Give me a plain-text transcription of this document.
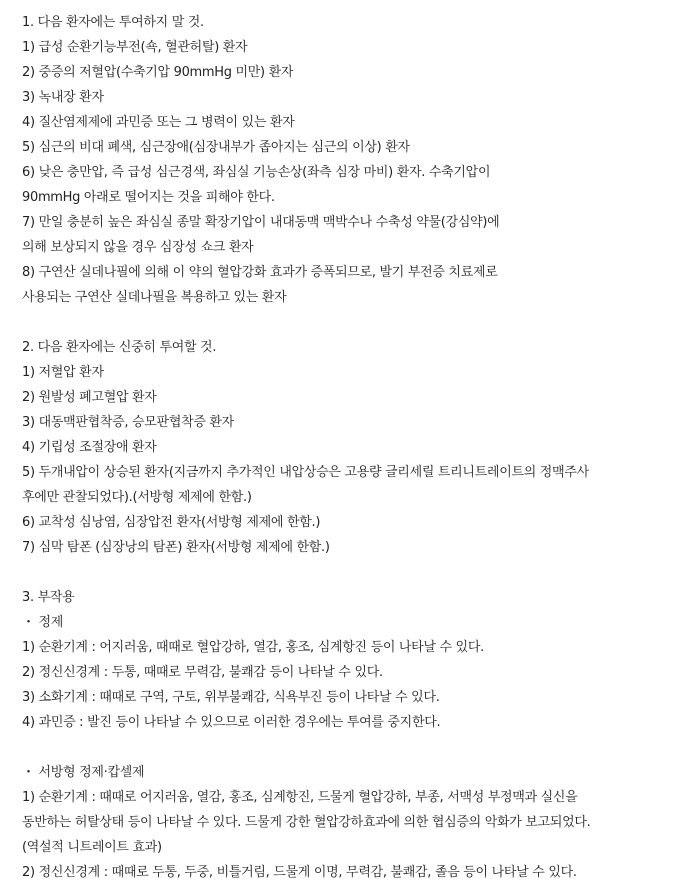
1. 다음 환자에는 투여하지 말 것.
1) 급성 순환기능부전(쇽, 혈관허탈) 환자
2) 중증의 저혈압(수축기압 90mmHg 미만) 환자
3) 녹내장 환자
4) 질산염제제에 과민증 또는 그 병력이 있는 환자
5) 심근의 비대 폐색, 심근장애(심장내부가 좁아지는 심근의 이상) 환자
6) 낮은 충만압, 즉 급성 심근경색, 좌심실 기능손상(좌측 심장 마비) 환자. 수축기압이
90mmHg 아래로 떨어지는 것을 피해야 한다.
7) 만일 충분히 높은 좌심실 종말 확장기압이 내대동맥 맥박수나 수축성 약물(강심약)에
의해 보상되지 않을 경우 심장성 쇼크 환자
8) 구연산 실데나필에 의해 이 약의 혈압강화 효과가 증폭되므로, 발기 부전증 치료제로
사용되는 구연산 실데나필을 복용하고 있는 환자
2. 다음 환자에는 신중히 투여할 것.
1) 저혈압 환자
2) 원발성 폐고혈압 환자
3) 대동맥판협착증, 승모판협착증 환자
4) 기립성 조절장애 환자
5) 두개내압이 상승된 환자(지금까지 추가적인 내압상승은 고용량 글리세릴 트리니트레이트의 정맥주사
후에만 관찰되었다).(서방형 제제에 한함.)
6) 교착성 심낭염, 심장압전 환자(서방형 제제에 한함.)
7) 심막 탐폰 (심장낭의 탐폰) 환자(서방형 제제에 한함.)
3. 부작용
・ 정제
1) 순환기계 : 어지러움, 때때로 혈압강하, 열감, 홍조, 심계항진 등이 나타날 수 있다.
2) 정신신경계 : 두통, 때때로 무력감, 불쾌감 등이 나타날 수 있다.
3) 소화기계 : 때때로 구역, 구토, 위부불쾌감, 식욕부진 등이 나타날 수 있다.
4) 과민증 : 발진 등이 나타날 수 있으므로 이러한 경우에는 투여를 중지한다.
・ 서방형 정제·캅셀제
1) 순환기계 : 때때로 어지러움, 열감, 홍조, 심계항진, 드물게 혈압강하, 부종, 서맥성 부정맥과 실신을
동반하는 허탈상태 등이 나타날 수 있다. 드물게 강한 혈압강하효과에 의한 협심증의 악화가 보고되었다.
(역설적 니트레이트 효과)
2) 정신신경계 : 때때로 두통, 두중, 비틀거림, 드물게 이명, 무력감, 불쾌감, 졸음 등이 나타날 수 있다.
